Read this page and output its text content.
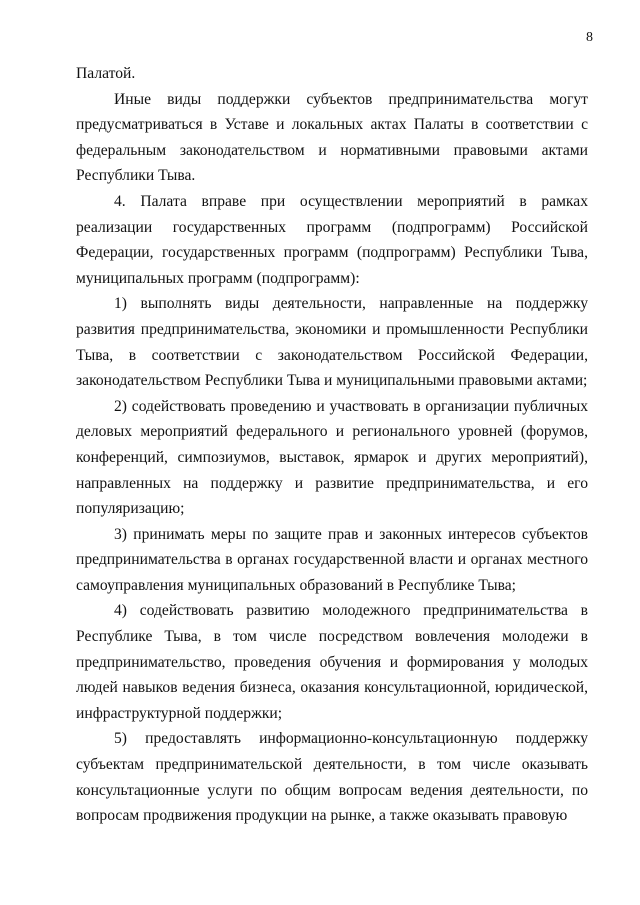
8

Палатой.

Иные виды поддержки субъектов предпринимательства могут предусматриваться в Уставе и локальных актах Палаты в соответствии с федеральным законодательством и нормативными правовыми актами Республики Тыва.

4. Палата вправе при осуществлении мероприятий в рамках реализации государственных программ (подпрограмм) Российской Федерации, государственных программ (подпрограмм) Республики Тыва, муниципальных программ (подпрограмм):

1) выполнять виды деятельности, направленные на поддержку развития предпринимательства, экономики и промышленности Республики Тыва, в соответствии с законодательством Российской Федерации, законодательством Республики Тыва и муниципальными правовыми актами;

2) содействовать проведению и участвовать в организации публичных деловых мероприятий федерального и регионального уровней (форумов, конференций, симпозиумов, выставок, ярмарок и других мероприятий), направленных на поддержку и развитие предпринимательства, и его популяризацию;

3) принимать меры по защите прав и законных интересов субъектов предпринимательства в органах государственной власти и органах местного самоуправления муниципальных образований в Республике Тыва;

4) содействовать развитию молодежного предпринимательства в Республике Тыва, в том числе посредством вовлечения молодежи в предпринимательство, проведения обучения и формирования у молодых людей навыков ведения бизнеса, оказания консультационной, юридической, инфраструктурной поддержки;

5) предоставлять информационно-консультационную поддержку субъектам предпринимательской деятельности, в том числе оказывать консультационные услуги по общим вопросам ведения деятельности, по вопросам продвижения продукции на рынке, а также оказывать правовую
